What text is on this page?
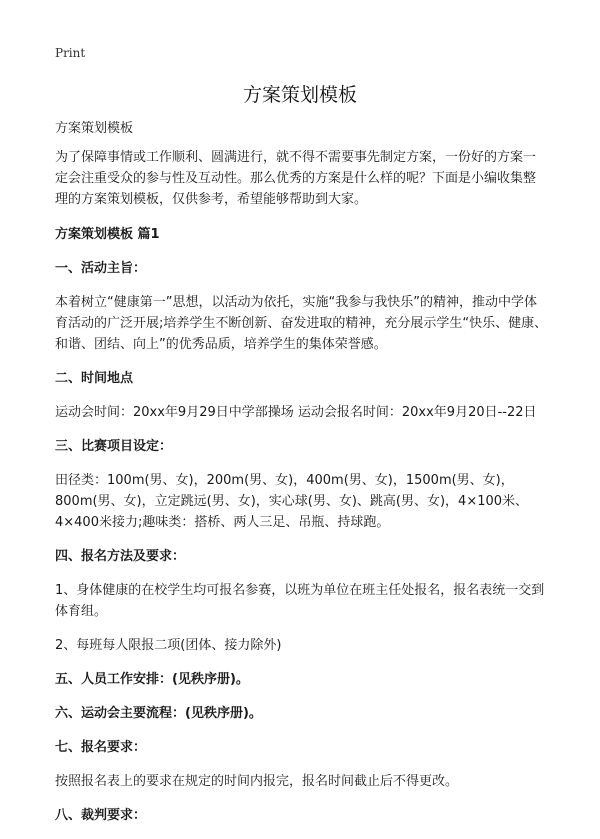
Print
方案策划模板

方案策划模板

为了保障事情或工作顺利、圆满进行，就不得不需要事先制定方案，一份好的方案一定会注重受众的参与性及互动性。那么优秀的方案是什么样的呢？下面是小编收集整理的方案策划模板，仅供参考，希望能够帮助到大家。

方案策划模板 篇1

一、活动主旨：

本着树立“健康第一”思想，以活动为依托，实施“我参与我快乐”的精神，推动中学体育活动的广泛开展;培养学生不断创新、奋发进取的精神，充分展示学生“快乐、健康、和谐、团结、向上”的优秀品质，培养学生的集体荣誉感。

二、时间地点

运动会时间：20xx年9月29日中学部操场 运动会报名时间：20xx年9月20日--22日

三、比赛项目设定：

田径类：100m(男、女)，200m(男、女)，400m(男、女)，1500m(男、女)，800m(男、女)，立定跳远(男、女)，实心球(男、女)、跳高(男、女)，4×100米、4×400米接力;趣味类：搭桥、两人三足、吊瓶、持球跑。

四、报名方法及要求：

1、身体健康的在校学生均可报名参赛，以班为单位在班主任处报名，报名表统一交到体育组。

2、每班每人限报二项(团体、接力除外)

五、人员工作安排：(见秩序册)。

六、运动会主要流程：(见秩序册)。

七、报名要求：

按照报名表上的要求在规定的时间内报完，报名时间截止后不得更改。

八、裁判要求：
